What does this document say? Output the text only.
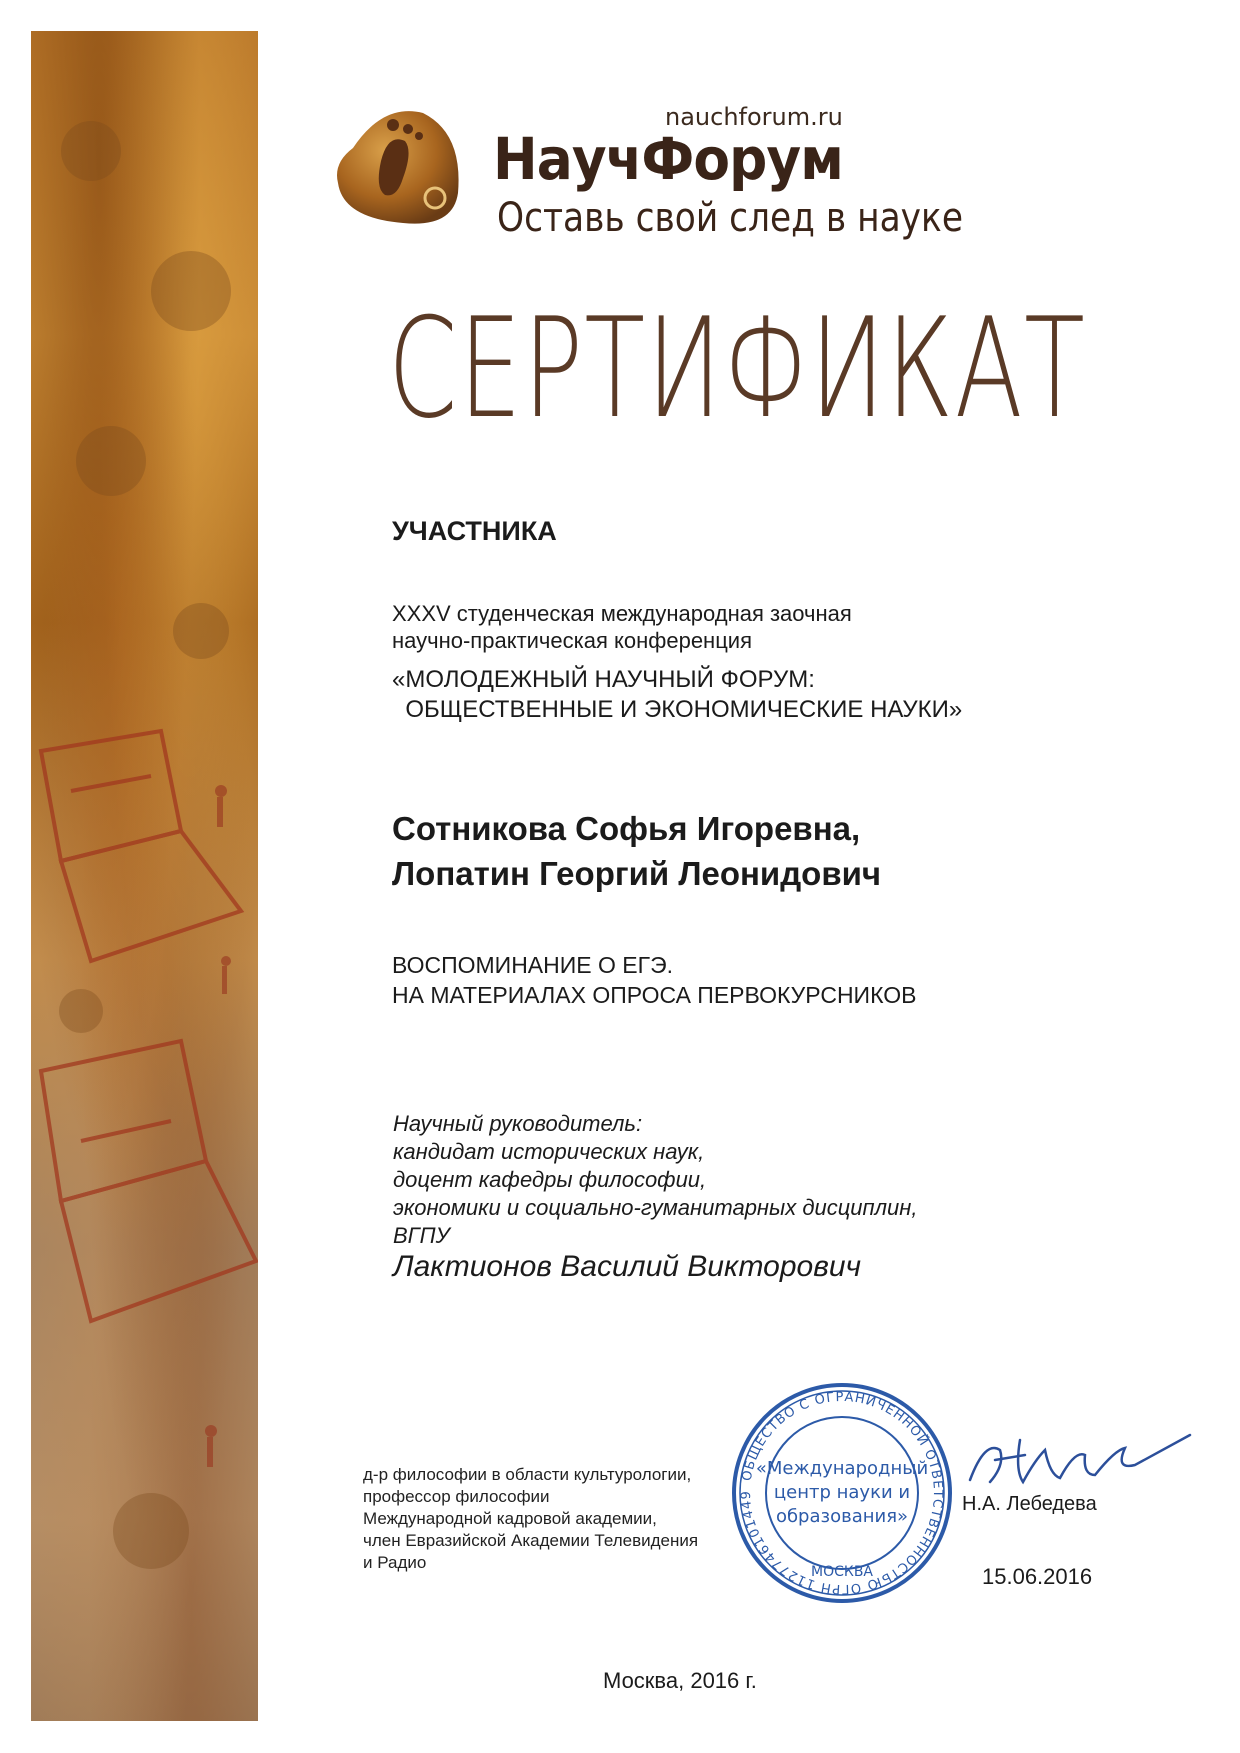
nauchforum.ru
НаучФорум
Оставь свой след в науке
СЕРТИФИКАТ
УЧАСТНИКА
XXXV студенческая международная заочная
научно-практическая конференция
«МОЛОДЕЖНЫЙ НАУЧНЫЙ ФОРУМ:
ОБЩЕСТВЕННЫЕ И ЭКОНОМИЧЕСКИЕ НАУКИ»
Сотникова Софья Игоревна,
Лопатин Георгий Леонидович
ВОСПОМИНАНИЕ О ЕГЭ.
НА МАТЕРИАЛАХ ОПРОСА ПЕРВОКУРСНИКОВ
Научный руководитель:
кандидат исторических наук,
доцент кафедры философии,
экономики и социально-гуманитарных дисциплин,
ВГПУ
Лактионов Василий Викторович
д-р философии в области культурологии,
профессор философии
Международной кадровой академии,
член Евразийской Академии Телевидения
и Радио
ОБЩЕСТВО С ОГРАНИЧЕННОЙ ОТВЕТСТВЕННОСТЬЮ ОГРН 1127746101449
МОСКВА
«Международный
центр науки и
образования»
Н.А. Лебедева
15.06.2016
Москва, 2016 г.
